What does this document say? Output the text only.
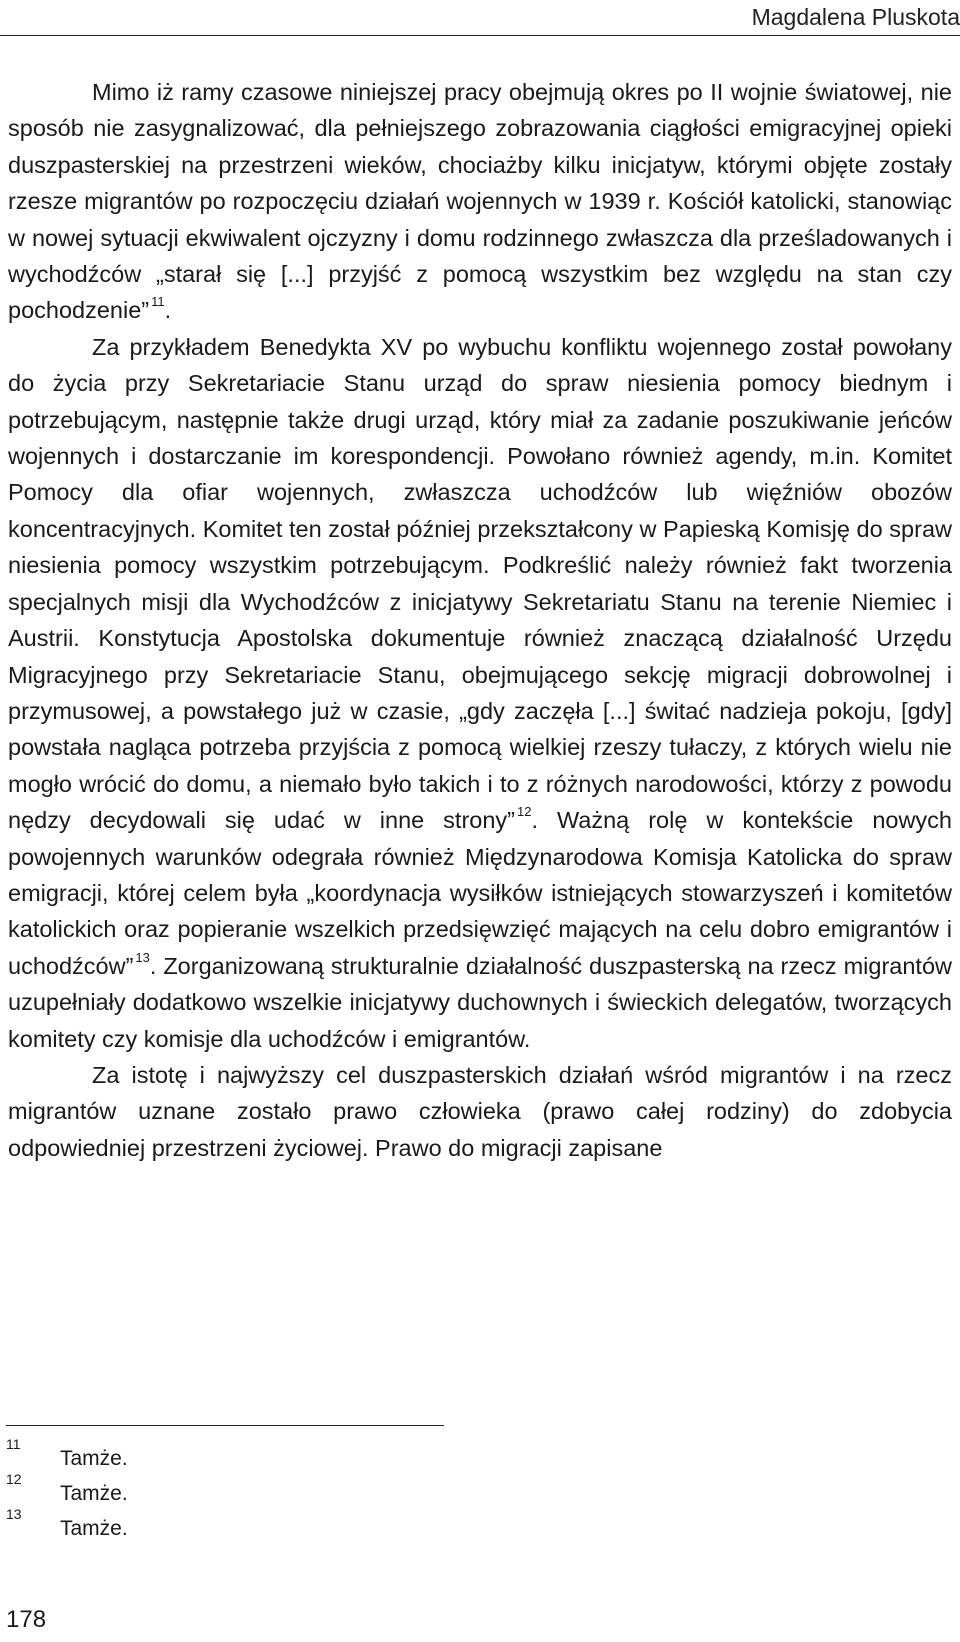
Magdalena Pluskota

Mimo iż ramy czasowe niniejszej pracy obejmują okres po II wojnie światowej, nie sposób nie zasygnalizować, dla pełniejszego zobrazowania ciągłości emigracyjnej opieki duszpasterskiej na przestrzeni wieków, chociażby kilku inicjatyw, którymi objęte zostały rzesze migrantów po rozpoczęciu działań wojennych w 1939 r. Kościół katolicki, stanowiąc w nowej sytuacji ekwiwalent ojczyzny i domu rodzinnego zwłaszcza dla prześladowanych i wychodźców „starał się [...] przyjść z pomocą wszystkim bez względu na stan czy pochodzenie” $^{11}$.

Za przykładem Benedykta XV po wybuchu konfliktu wojennego został powołany do życia przy Sekretariacie Stanu urząd do spraw niesienia pomocy biednym i potrzebującym, następnie także drugi urząd, który miał za zadanie poszukiwanie jeńców wojennych i dostarczanie im korespondencji. Powołano również agendy, m.in. Komitet Pomocy dla ofiar wojennych, zwłaszcza uchodźców lub więźniów obozów koncentracyjnych. Komitet ten został później przekształcony w Papieską Komisję do spraw niesienia pomocy wszystkim potrzebującym. Podkreślić należy również fakt tworzenia specjalnych misji dla Wychodźców z inicjatywy Sekretariatu Stanu na terenie Niemiec i Austrii. Konstytucja Apostolska dokumentuje również znaczącą działalność Urzędu Migracyjnego przy Sekretariacie Stanu, obejmującego sekcję migracji dobrowolnej i przymusowej, a powstałego już w czasie, „gdy zaczęła [...] świtać nadzieja pokoju, [gdy] powstała nagląca potrzeba przyjścia z pomocą wielkiej rzeszy tułaczy, z których wielu nie mogło wrócić do domu, a niemało było takich i to z różnych narodowości, którzy z powodu nędzy decydowali się udać w inne strony” $^{12}$. Ważną rolę w kontekście nowych powojennych warunków odegrała również Międzynarodowa Komisja Katolicka do spraw emigracji, której celem była „koordynacja wysiłków istniejących stowarzyszeń i komitetów katolickich oraz popieranie wszelkich przedsięwzięć mających na celu dobro emigrantów i uchodźców” $^{13}$. Zorganizowaną strukturalnie działalność duszpasterską na rzecz migrantów uzupełniały dodatkowo wszelkie inicjatywy duchownych i świeckich delegatów, tworzących komitety czy komisje dla uchodźców i emigrantów.

Za istotę i najwyższy cel duszpasterskich działań wśród migrantów i na rzecz migrantów uznane zostało prawo człowieka (prawo całej rodziny) do zdobycia odpowiedniej przestrzeni życiowej. Prawo do migracji zapisane

11
Tamże.
12
Tamże.
13
Tamże.
178
